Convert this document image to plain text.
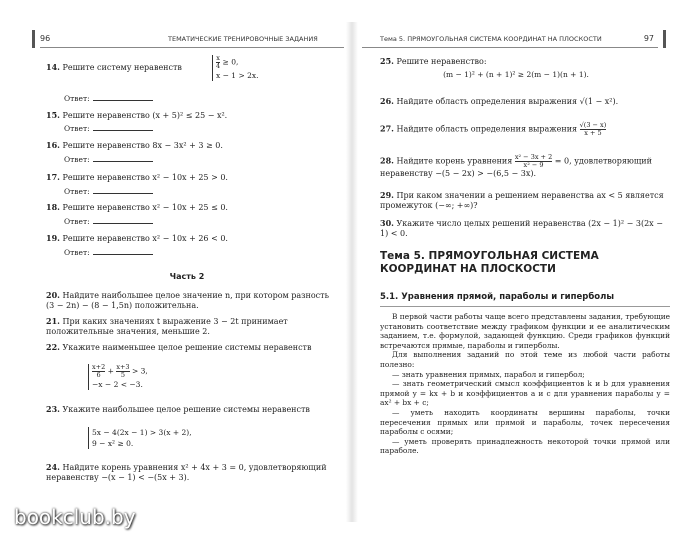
96	ТЕМАТИЧЕСКИЕ ТРЕНИРОВОЧНЫЕ ЗАДАНИЯ
14. Решите систему неравенств	$\frac{x}{4} \ge 0$,
x − 1 > 2x.
Ответ:
15. Решите неравенство (x + 5)² ≤ 25 − x².
Ответ:
16. Решите неравенство 8x − 3x² + 3 ≥ 0.
Ответ:
17. Решите неравенство x² − 10x + 25 > 0.
Ответ:
18. Решите неравенство x² − 10x + 25 ≤ 0.
Ответ:
19. Решите неравенство x² − 10x + 26 < 0.
Ответ:
Часть 2
20. Найдите наибольшее целое значение n, при котором разность (3 − 2n) − (8 − 1,5n) положительна.
21. При каких значениях t выражение 3 − 2t принимает положительные значения, меньшие 2.
22. Укажите наименьшее целое решение системы неравенств
$\frac{x+2}{6} + \frac{x+3}{5} > 3$,
−x − 2 < −3.
23. Укажите наибольшее целое решение системы неравенств
5x − 4(2x − 1) > 3(x + 2),
9 − x² ≥ 0.
24. Найдите корень уравнения x² + 4x + 3 = 0, удовлетворяющий неравенству −(x − 1) < −(5x + 3).
Тема 5. ПРЯМОУГОЛЬНАЯ СИСТЕМА КООРДИНАТ НА ПЛОСКОСТИ	97
25. Решите неравенство:
(m − 1)² + (n + 1)² ≥ 2(m − 1)(n + 1).
26. Найдите область определения выражения √(1 − x²).
27. Найдите область определения выражения $\frac{√(3 - x)}{x + 5}$
28. Найдите корень уравнения $\frac{\text{x² − 3x + 2}}{\text{x² − 9}} = 0$, удовлетворяющий неравенству −(5 − 2x) > −(6,5 − 3x).
29. При каком значении a решением неравенства ax < 5 является промежуток (−∞; +∞)?
30. Укажите число целых решений неравенства (2x − 1)² − 3(2x − 1) < 0.
Тема 5. ПРЯМОУГОЛЬНАЯ СИСТЕМА КООРДИНАТ НА ПЛОСКОСТИ
5.1. Уравнения прямой, параболы и гиперболы

В первой части работы чаще всего представлены задания, требующие установить соответствие между графиком функции и ее аналитическим заданием, т.е. формулой, задающей функцию. Среди графиков функций встречаются прямые, параболы и гиперболы.

Для выполнения заданий по этой теме из любой части работы полезно:

— знать уравнения прямых, парабол и гипербол;

— знать геометрический смысл коэффициентов k и b для уравнения прямой y = kx + b и коэффициентов a и c для уравнения параболы y = ax² + bx + c;

— уметь находить координаты вершины параболы, точки пересечения прямых или прямой и параболы, точек пересечения параболы с осями;

— уметь проверять принадлежность некоторой точки прямой или параболе.

bookclub.by
